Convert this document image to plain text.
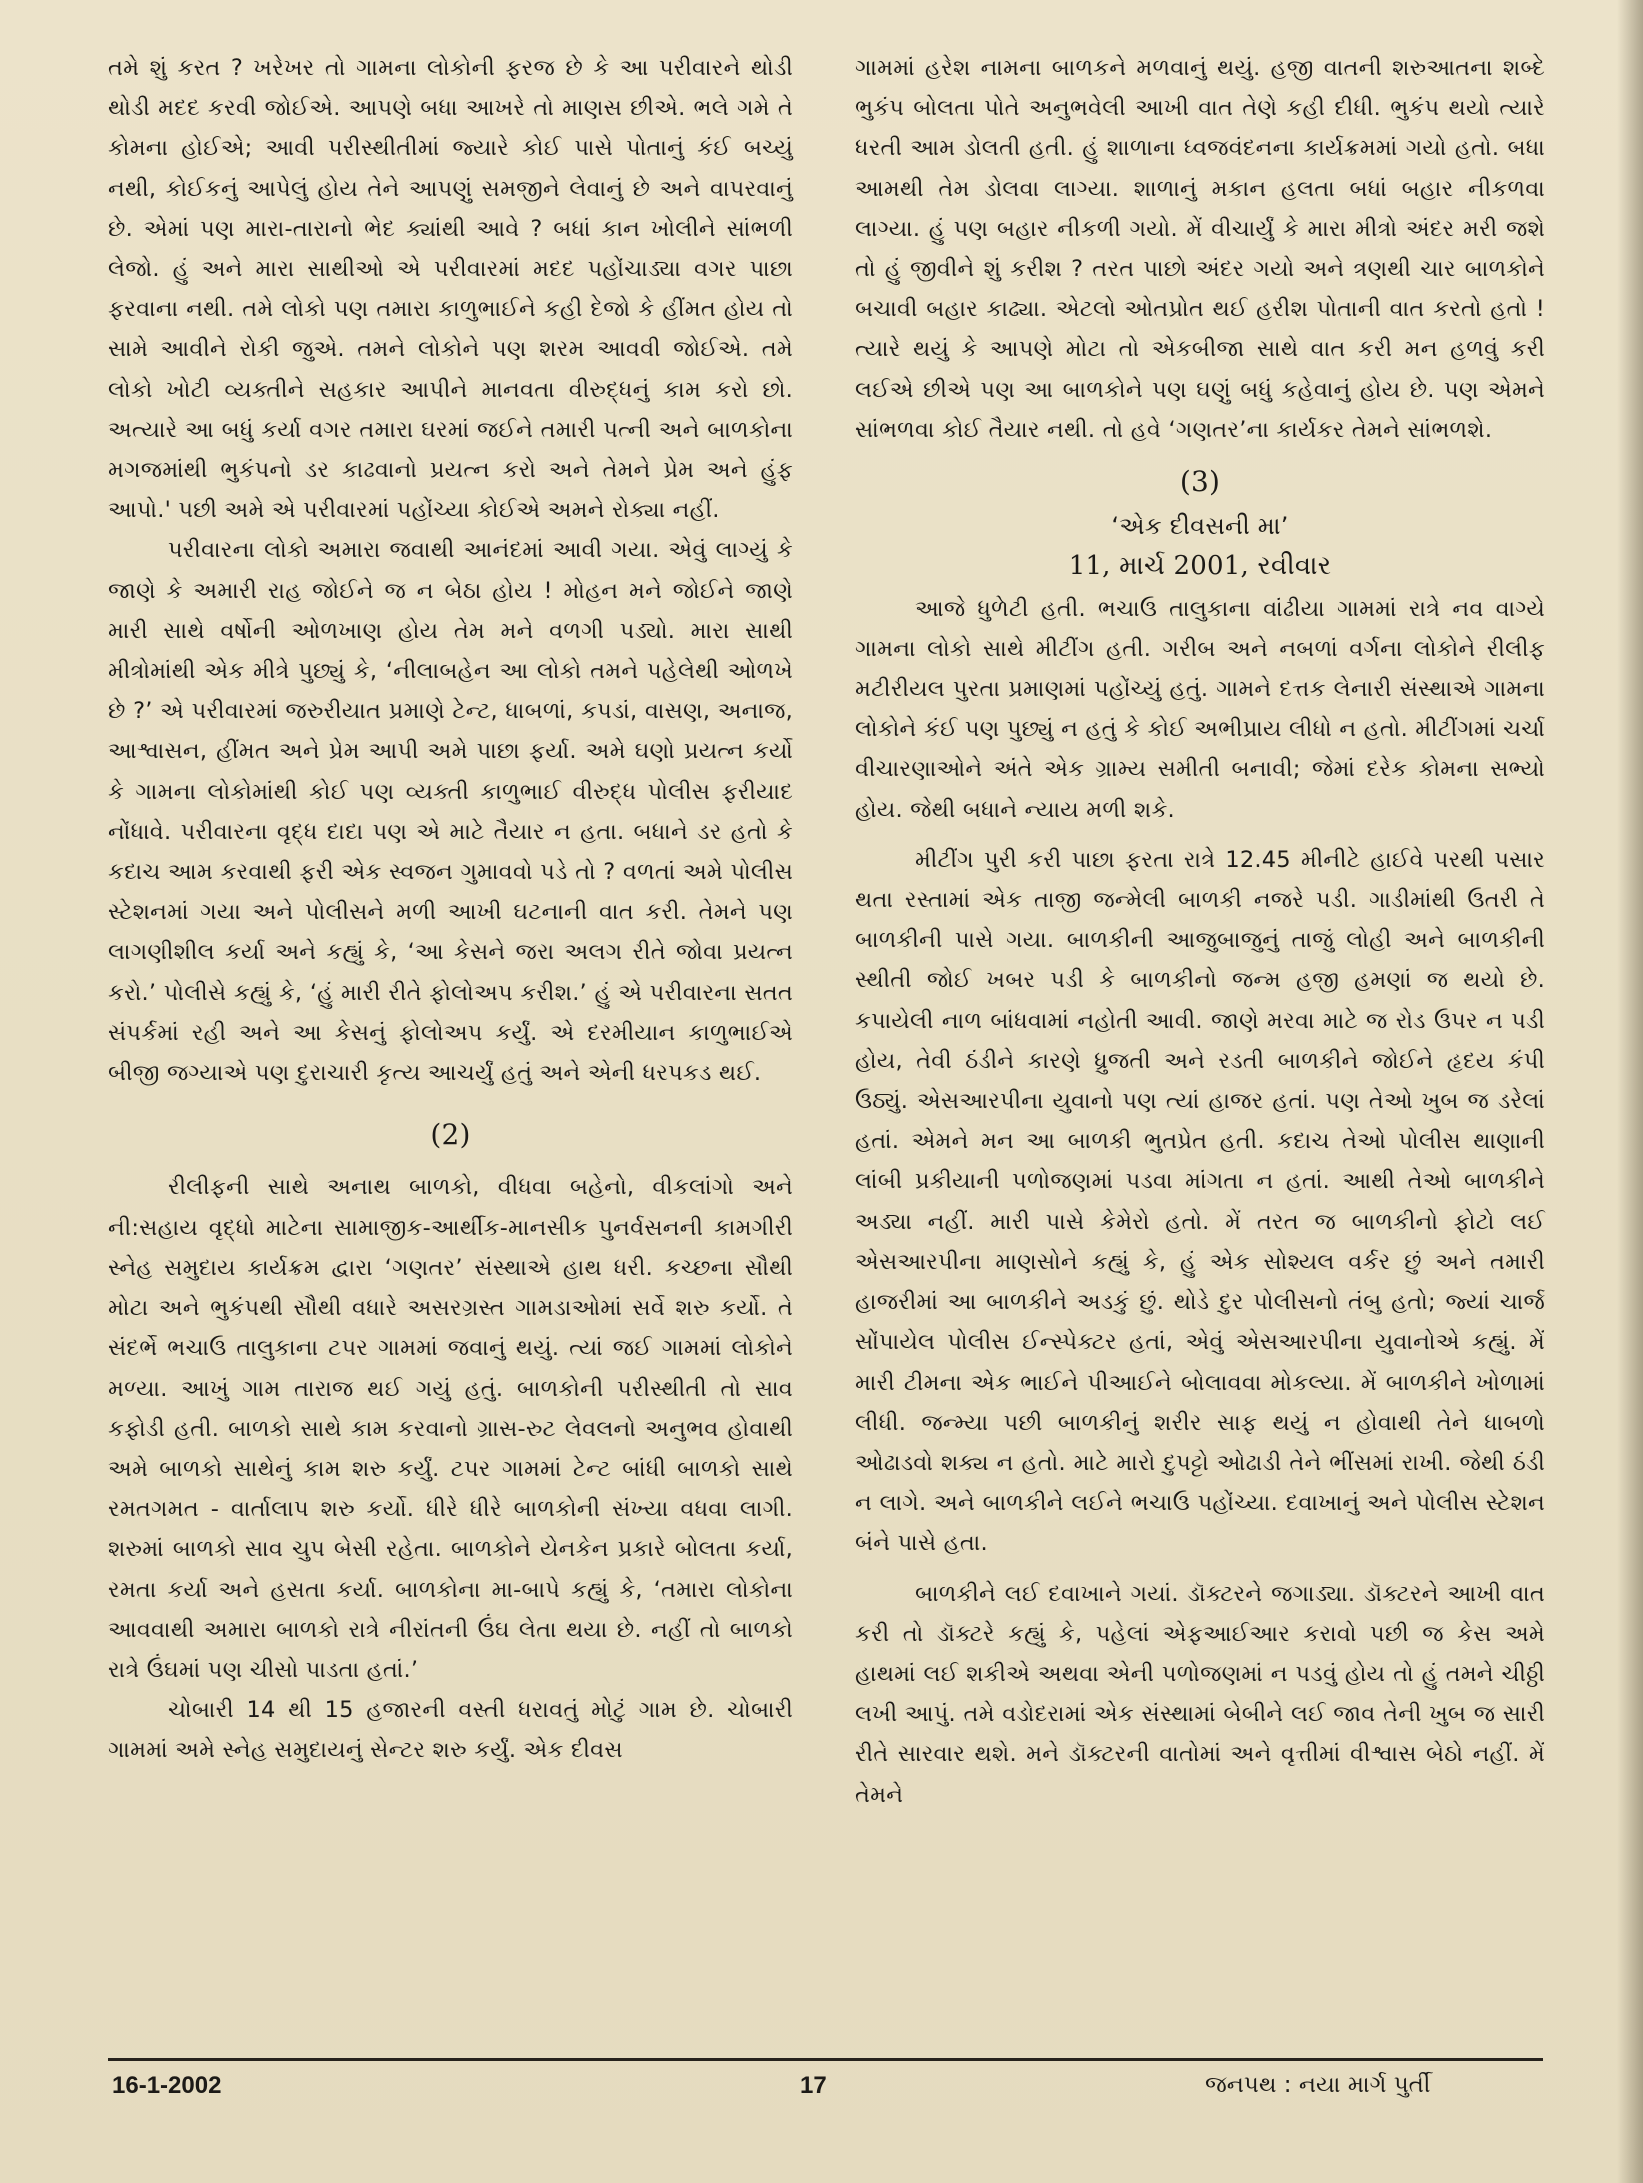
તમે શું કરત ? ખરેખર તો ગામના લોકોની ફરજ છે કે આ પરીવારને થોડી થોડી મદદ કરવી જોઈએ. આપણે બધા આખરે તો માણસ છીએ. ભલે ગમે તે કોમના હોઈએ; આવી પરીસ્થીતીમાં જ્યારે કોઈ પાસે પોતાનું કંઈ બચ્યું નથી, કોઈકનું આપેલું હોય તેને આપણું સમજીને લેવાનું છે અને વાપરવાનું છે. એમાં પણ મારા-તારાનો ભેદ ક્યાંથી આવે ? બધાં કાન ખોલીને સાંભળી લેજો. હું અને મારા સાથીઓ એ પરીવારમાં મદદ પહોંચાડ્યા વગર પાછા ફરવાના નથી. તમે લોકો પણ તમારા કાળુભાઈને કહી દેજો કે હીંમત હોય તો સામે આવીને રોકી જુએ. તમને લોકોને પણ શરમ આવવી જોઈએ. તમે લોકો ખોટી વ્યક્તીને સહકાર આપીને માનવતા વીરુદ્ધનું કામ કરો છો. અત્યારે આ બધું કર્યા વગર તમારા ઘરમાં જઈને તમારી પત્ની અને બાળકોના મગજમાંથી ભુકંપનો ડર કાઢવાનો પ્રયત્ન કરો અને તેમને પ્રેમ અને હુંફ આપો.' પછી અમે એ પરીવારમાં પહોંચ્યા કોઈએ અમને રોક્યા નહીં.

પરીવારના લોકો અમારા જવાથી આનંદમાં આવી ગયા. એવું લાગ્યું કે જાણે કે અમારી રાહ જોઈને જ ન બેઠા હોય ! મોહન મને જોઈને જાણે મારી સાથે વર્ષોની ઓળખાણ હોય તેમ મને વળગી પડ્યો. મારા સાથી મીત્રોમાંથી એક મીત્રે પુછ્યું કે, ‘નીલાબહેન આ લોકો તમને પહેલેથી ઓળખે છે ?’ એ પરીવારમાં જરુરીયાત પ્રમાણે ટેન્ટ, ધાબળાં, કપડાં, વાસણ, અનાજ, આશ્વાસન, હીંમત અને પ્રેમ આપી અમે પાછા ફર્યા. અમે ઘણો પ્રયત્ન કર્યો કે ગામના લોકોમાંથી કોઈ પણ વ્યક્તી કાળુભાઈ વીરુદ્ધ પોલીસ ફરીયાદ નોંધાવે. પરીવારના વૃદ્ધ દાદા પણ એ માટે તૈયાર ન હતા. બધાને ડર હતો કે કદાચ આમ કરવાથી ફરી એક સ્વજન ગુમાવવો પડે તો ? વળતાં અમે પોલીસ સ્ટેશનમાં ગયા અને પોલીસને મળી આખી ઘટનાની વાત કરી. તેમને પણ લાગણીશીલ કર્યા અને કહ્યું કે, ‘આ કેસને જરા અલગ રીતે જોવા પ્રયત્ન કરો.’ પોલીસે કહ્યું કે, ‘હું મારી રીતે ફોલોઅપ કરીશ.’ હું એ પરીવારના સતત સંપર્કમાં રહી અને આ કેસનું ફોલોઅપ કર્યું. એ દરમીયાન કાળુભાઈએ બીજી જગ્યાએ પણ દુરાચારી કૃત્ય આચર્યું હતું અને એની ધરપકડ થઈ.

(2)

રીલીફની સાથે અનાથ બાળકો, વીધવા બહેનો, વીકલાંગો અને ની:સહાય વૃદ્ધો માટેના સામાજીક-આર્થીક-માનસીક પુનર્વસનની કામગીરી સ્નેહ સમુદાય કાર્યક્રમ દ્વારા ‘ગણતર’ સંસ્થાએ હાથ ધરી. કચ્છના સૌથી મોટા અને ભુકંપથી સૌથી વધારે અસરગ્રસ્ત ગામડાઓમાં સર્વે શરુ કર્યો. તે સંદર્ભે ભચાઉ તાલુકાના ટપર ગામમાં જવાનું થયું. ત્યાં જઈ ગામમાં લોકોને મળ્યા. આખું ગામ તારાજ થઈ ગયું હતું. બાળકોની પરીસ્થીતી તો સાવ કફોડી હતી. બાળકો સાથે કામ કરવાનો ગ્રાસ-રુટ લેવલનો અનુભવ હોવાથી અમે બાળકો સાથેનું કામ શરુ કર્યું. ટપર ગામમાં ટેન્ટ બાંધી બાળકો સાથે રમતગમત - વાર્તાલાપ શરુ કર્યો. ધીરે ધીરે બાળકોની સંખ્યા વધવા લાગી. શરુમાં બાળકો સાવ ચુપ બેસી રહેતા. બાળકોને યેનકેન પ્રકારે બોલતા કર્યા, રમતા કર્યા અને હસતા કર્યા. બાળકોના મા-બાપે કહ્યું કે, ‘તમારા લોકોના આવવાથી અમારા બાળકો રાત્રે નીરાંતની ઉંઘ લેતા થયા છે. નહીં તો બાળકો રાત્રે ઉંઘમાં પણ ચીસો પાડતા હતાં.’

ચોબારી 14 થી 15 હજારની વસ્તી ધરાવતું મોટું ગામ છે. ચોબારી ગામમાં અમે સ્નેહ સમુદાયનું સેન્ટર શરુ કર્યું. એક દીવસ

ગામમાં હરેશ નામના બાળકને મળવાનું થયું. હજી વાતની શરુઆતના શબ્દે ભુકંપ બોલતા પોતે અનુભવેલી આખી વાત તેણે કહી દીધી. ભુકંપ થયો ત્યારે ધરતી આમ ડોલતી હતી. હું શાળાના ધ્વજવંદનના કાર્યક્રમમાં ગયો હતો. બધા આમથી તેમ ડોલવા લાગ્યા. શાળાનું મકાન હલતા બધાં બહાર નીકળવા લાગ્યા. હું પણ બહાર નીકળી ગયો. મેં વીચાર્યું કે મારા મીત્રો અંદર મરી જશે તો હું જીવીને શું કરીશ ? તરત પાછો અંદર ગયો અને ત્રણથી ચાર બાળકોને બચાવી બહાર કાઢ્યા. એટલો ઓતપ્રોત થઈ હરીશ પોતાની વાત કરતો હતો ! ત્યારે થયું કે આપણે મોટા તો એકબીજા સાથે વાત કરી મન હળવું કરી લઈએ છીએ પણ આ બાળકોને પણ ઘણું બધું કહેવાનું હોય છે. પણ એમને સાંભળવા કોઈ તૈયાર નથી. તો હવે ‘ગણતર’ના કાર્યકર તેમને સાંભળશે.

(3)

‘એક દીવસની મા’

11, માર્ચ 2001, રવીવાર

આજે ધુળેટી હતી. ભચાઉ તાલુકાના વાંઢીયા ગામમાં રાત્રે નવ વાગ્યે ગામના લોકો સાથે મીટીંગ હતી. ગરીબ અને નબળાં વર્ગના લોકોને રીલીફ મટીરીયલ પુરતા પ્રમાણમાં પહોંચ્યું હતું. ગામને દત્તક લેનારી સંસ્થાએ ગામના લોકોને કંઈ પણ પુછ્યું ન હતું કે કોઈ અભીપ્રાય લીધો ન હતો. મીટીંગમાં ચર્ચા વીચારણાઓને અંતે એક ગ્રામ્ય સમીતી બનાવી; જેમાં દરેક કોમના સભ્યો હોય. જેથી બધાને ન્યાય મળી શકે.

મીટીંગ પુરી કરી પાછા ફરતા રાત્રે 12.45 મીનીટે હાઈવે પરથી પસાર થતા રસ્તામાં એક તાજી જન્મેલી બાળકી નજરે પડી. ગાડીમાંથી ઉતરી તે બાળકીની પાસે ગયા. બાળકીની આજુબાજુનું તાજું લોહી અને બાળકીની સ્થીતી જોઈ ખબર પડી કે બાળકીનો જન્મ હજી હમણાં જ થયો છે. કપાયેલી નાળ બાંધવામાં નહોતી આવી. જાણે મરવા માટે જ રોડ ઉપર ન પડી હોય, તેવી ઠંડીને કારણે ધ્રુજતી અને રડતી બાળકીને જોઈને હૃદય કંપી ઉઠ્યું. એસઆરપીના યુવાનો પણ ત્યાં હાજર હતાં. પણ તેઓ ખુબ જ ડરેલાં હતાં. એમને મન આ બાળકી ભુતપ્રેત હતી. કદાચ તેઓ પોલીસ થાણાની લાંબી પ્રકીયાની પળોજણમાં પડવા માંગતા ન હતાં. આથી તેઓ બાળકીને અડ્યા નહીં. મારી પાસે કેમેરો હતો. મેં તરત જ બાળકીનો ફોટો લઈ એસઆરપીના માણસોને કહ્યું કે, હું એક સોશ્યલ વર્કર છું અને તમારી હાજરીમાં આ બાળકીને અડકું છું. થોડે દુર પોલીસનો તંબુ હતો; જ્યાં ચાર્જ સોંપાયેલ પોલીસ ઈન્સ્પેક્ટર હતાં, એવું એસઆરપીના યુવાનોએ કહ્યું. મેં મારી ટીમના એક ભાઈને પીઆઈને બોલાવવા મોકલ્યા. મેં બાળકીને ખોળામાં લીધી. જન્મ્યા પછી બાળકીનું શરીર સાફ થયું ન હોવાથી તેને ધાબળો ઓઢાડવો શક્ય ન હતો. માટે મારો દુપટ્ટો ઓઢાડી તેને ભીંસમાં રાખી. જેથી ઠંડી ન લાગે. અને બાળકીને લઈને ભચાઉ પહોંચ્યા. દવાખાનું અને પોલીસ સ્ટેશન બંને પાસે હતા.

બાળકીને લઈ દવાખાને ગયાં. ડૉક્ટરને જગાડ્યા. ડૉક્ટરને આખી વાત કરી તો ડૉક્ટરે કહ્યું કે, પહેલાં એફઆઈઆર કરાવો પછી જ કેસ અમે હાથમાં લઈ શકીએ અથવા એની પળોજણમાં ન પડવું હોય તો હું તમને ચીઠ્ઠી લખી આપું. તમે વડોદરામાં એક સંસ્થામાં બેબીને લઈ જાવ તેની ખુબ જ સારી રીતે સારવાર થશે. મને ડૉક્ટરની વાતોમાં અને વૃત્તીમાં વીશ્વાસ બેઠો નહીં. મેં તેમને

16-1-2002	17	જનપથ : નયા માર્ગ પુર્તી
